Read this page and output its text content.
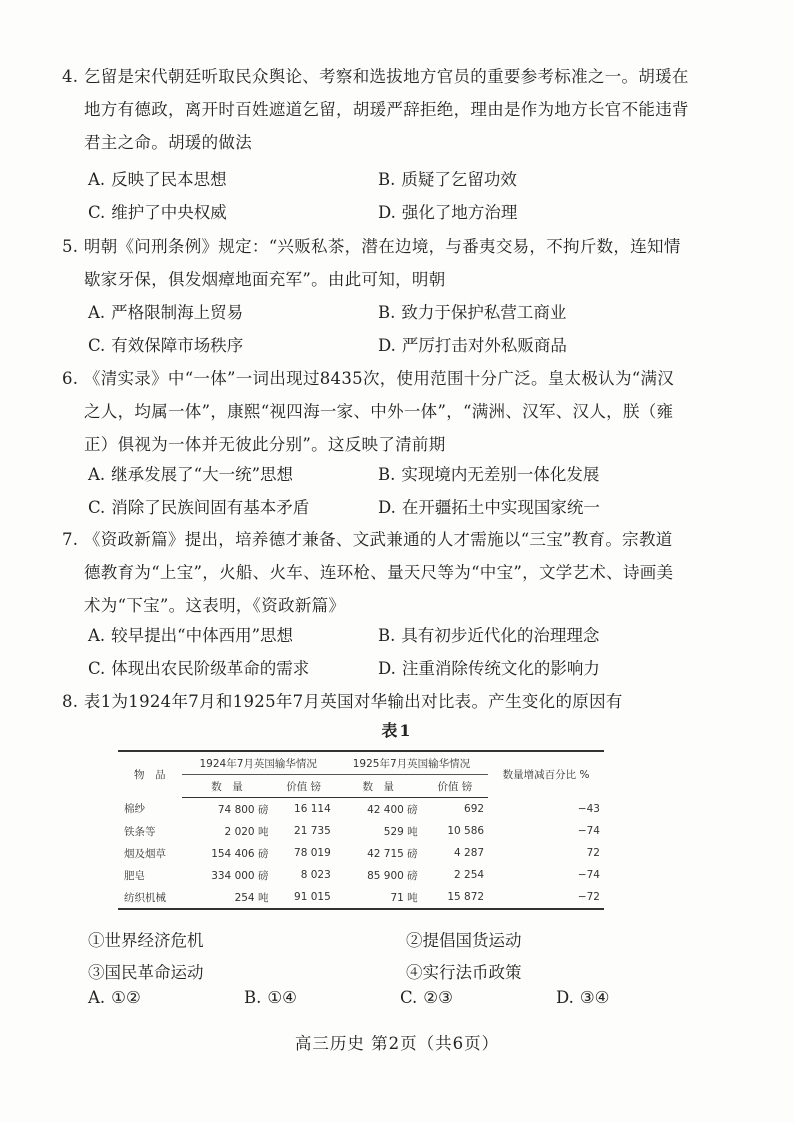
4. 乞留是宋代朝廷听取民众舆论、考察和选拔地方官员的重要参考标准之一。胡瑗在
地方有德政，离开时百姓遮道乞留，胡瑗严辞拒绝，理由是作为地方长官不能违背
君主之命。胡瑗的做法
A. 反映了民本思想	B. 质疑了乞留功效
C. 维护了中央权威	D. 强化了地方治理
5. 明朝《问刑条例》规定：“兴贩私茶，潜在边境，与番夷交易，不拘斤数，连知情
歇家牙保，俱发烟瘴地面充军”。由此可知，明朝
A. 严格限制海上贸易	B. 致力于保护私营工商业
C. 有效保障市场秩序	D. 严厉打击对外私贩商品
6. 《清实录》中“一体”一词出现过8435次，使用范围十分广泛。皇太极认为“满汉
之人，均属一体”，康熙“视四海一家、中外一体”，“满洲、汉军、汉人，朕（雍
正）俱视为一体并无彼此分别”。这反映了清前期
A. 继承发展了“大一统”思想	B. 实现境内无差别一体化发展
C. 消除了民族间固有基本矛盾	D. 在开疆拓土中实现国家统一
7. 《资政新篇》提出，培养德才兼备、文武兼通的人才需施以“三宝”教育。宗教道
德教育为“上宝”，火船、火车、连环枪、量天尺等为“中宝”，文学艺术、诗画美
术为“下宝”。这表明，《资政新篇》
A. 较早提出“中体西用”思想	B. 具有初步近代化的治理理念
C. 体现出农民阶级革命的需求	D. 注重消除传统文化的影响力
8. 表1为1924年7月和1925年7月英国对华输出对比表。产生变化的原因有
表1
物　品	1924年7月英国输华情况		1925年7月英国输华情况		数量增减百分比 %
	数　量	价值 镑	数　量	价值 镑	
棉纱	74 800 磅	16 114	42 400 磅	692	−43
铁条等	2 020 吨	21 735	529 吨	10 586	−74
烟及烟草	154 406 磅	78 019	42 715 磅	4 287	72
肥皂	334 000 磅	8 023	85 900 磅	2 254	−74
纺织机械	254 吨	91 015	71 吨	15 872	−72
①世界经济危机	②提倡国货运动
③国民革命运动	④实行法币政策
A. ①②	B. ①④	C. ②③	D. ③④
高三历史 第2页（共6页）
